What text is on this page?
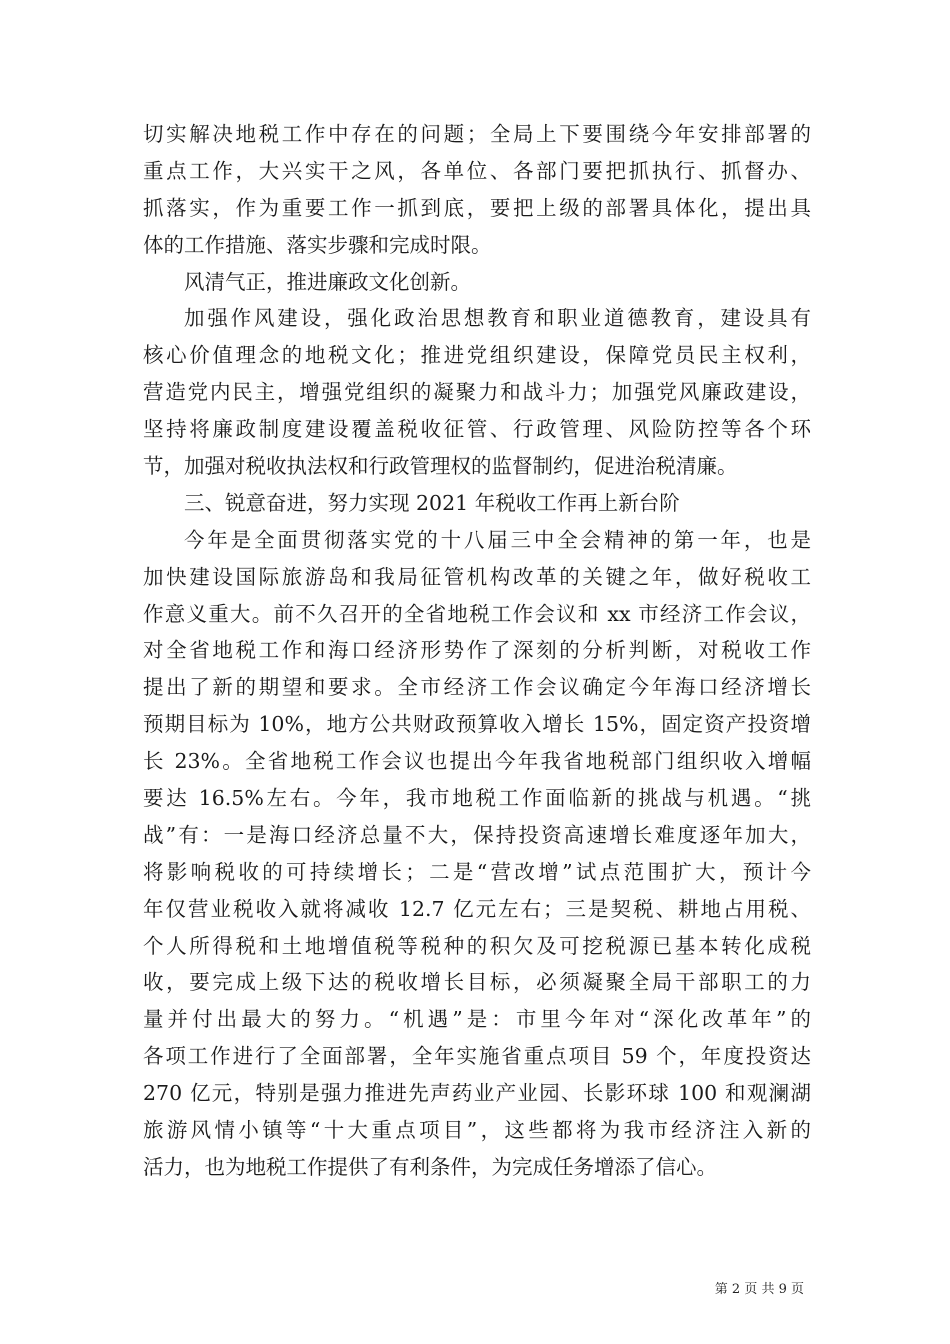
切实解决地税工作中存在的问题；全局上下要围绕今年安排部署的
重点工作，大兴实干之风，各单位、各部门要把抓执行、抓督办、
抓落实，作为重要工作一抓到底，要把上级的部署具体化，提出具
体的工作措施、落实步骤和完成时限。
风清气正，推进廉政文化创新。
加强作风建设，强化政治思想教育和职业道德教育，建设具有
核心价值理念的地税文化；推进党组织建设，保障党员民主权利，
营造党内民主，增强党组织的凝聚力和战斗力；加强党风廉政建设，
坚持将廉政制度建设覆盖税收征管、行政管理、风险防控等各个环
节，加强对税收执法权和行政管理权的监督制约，促进治税清廉。
三、锐意奋进，努力实现 2021 年税收工作再上新台阶
今年是全面贯彻落实党的十八届三中全会精神的第一年，也是
加快建设国际旅游岛和我局征管机构改革的关键之年，做好税收工
作意义重大。前不久召开的全省地税工作会议和 xx 市经济工作会议，
对全省地税工作和海口经济形势作了深刻的分析判断，对税收工作
提出了新的期望和要求。全市经济工作会议确定今年海口经济增长
预期目标为 10%，地方公共财政预算收入增长 15%，固定资产投资增
长 23%。全省地税工作会议也提出今年我省地税部门组织收入增幅
要达 16.5%左右。今年，我市地税工作面临新的挑战与机遇。“挑
战”有：一是海口经济总量不大，保持投资高速增长难度逐年加大，
将影响税收的可持续增长；二是“营改增”试点范围扩大，预计今
年仅营业税收入就将减收 12.7 亿元左右；三是契税、耕地占用税、
个人所得税和土地增值税等税种的积欠及可挖税源已基本转化成税
收，要完成上级下达的税收增长目标，必须凝聚全局干部职工的力
量并付出最大的努力。“机遇”是：市里今年对“深化改革年”的
各项工作进行了全面部署，全年实施省重点项目 59 个，年度投资达
270 亿元，特别是强力推进先声药业产业园、长影环球 100 和观澜湖
旅游风情小镇等“十大重点项目”，这些都将为我市经济注入新的
活力，也为地税工作提供了有利条件，为完成任务增添了信心。
第 2 页 共 9 页
